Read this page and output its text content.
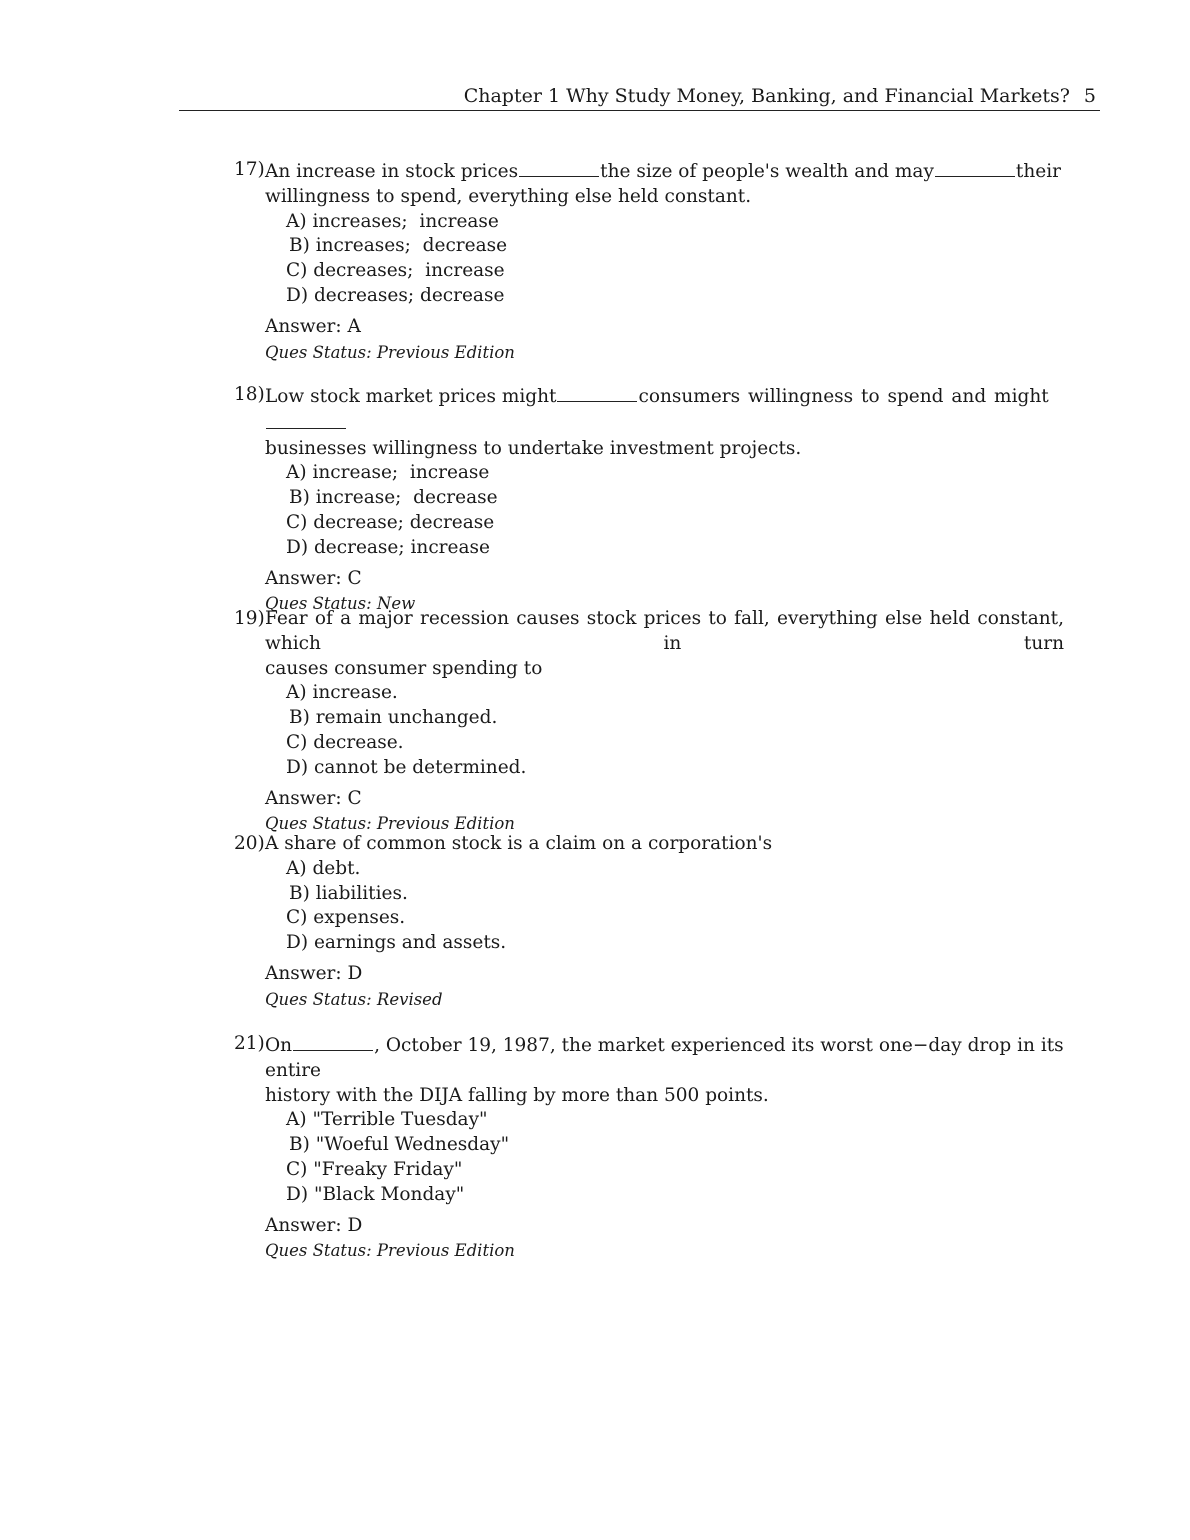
Chapter 1 Why Study Money, Banking, and Financial Markets? 5
17) An increase in stock prices	the size of people's wealth and may	their
willingness to spend, everything else held constant.
A) increases;  increase
B) increases;  decrease
C) decreases;  increase
D) decreases; decrease
Answer: A
Ques Status: Previous Edition
18) Low stock market prices might	consumers willingness to spend and might
businesses willingness to undertake investment projects.
A) increase;  increase
B) increase;  decrease
C) decrease; decrease
D) decrease; increase
Answer: C
Ques Status: New
19) Fear of a major recession causes stock prices to fall, everything else held constant, which in turn
causes consumer spending to
A) increase.
B) remain unchanged.
C) decrease.
D) cannot be determined.
Answer: C
Ques Status: Previous Edition
20) A share of common stock is a claim on a corporation's
A) debt.
B) liabilities.
C) expenses.
D) earnings and assets.
Answer: D
Ques Status: Revised
21) On	, October 19, 1987, the market experienced its worst one−day drop in its entire
history with the DIJA falling by more than 500 points.
A) "Terrible Tuesday"
B) "Woeful Wednesday"
C) "Freaky Friday"
D) "Black Monday"
Answer: D
Ques Status: Previous Edition
